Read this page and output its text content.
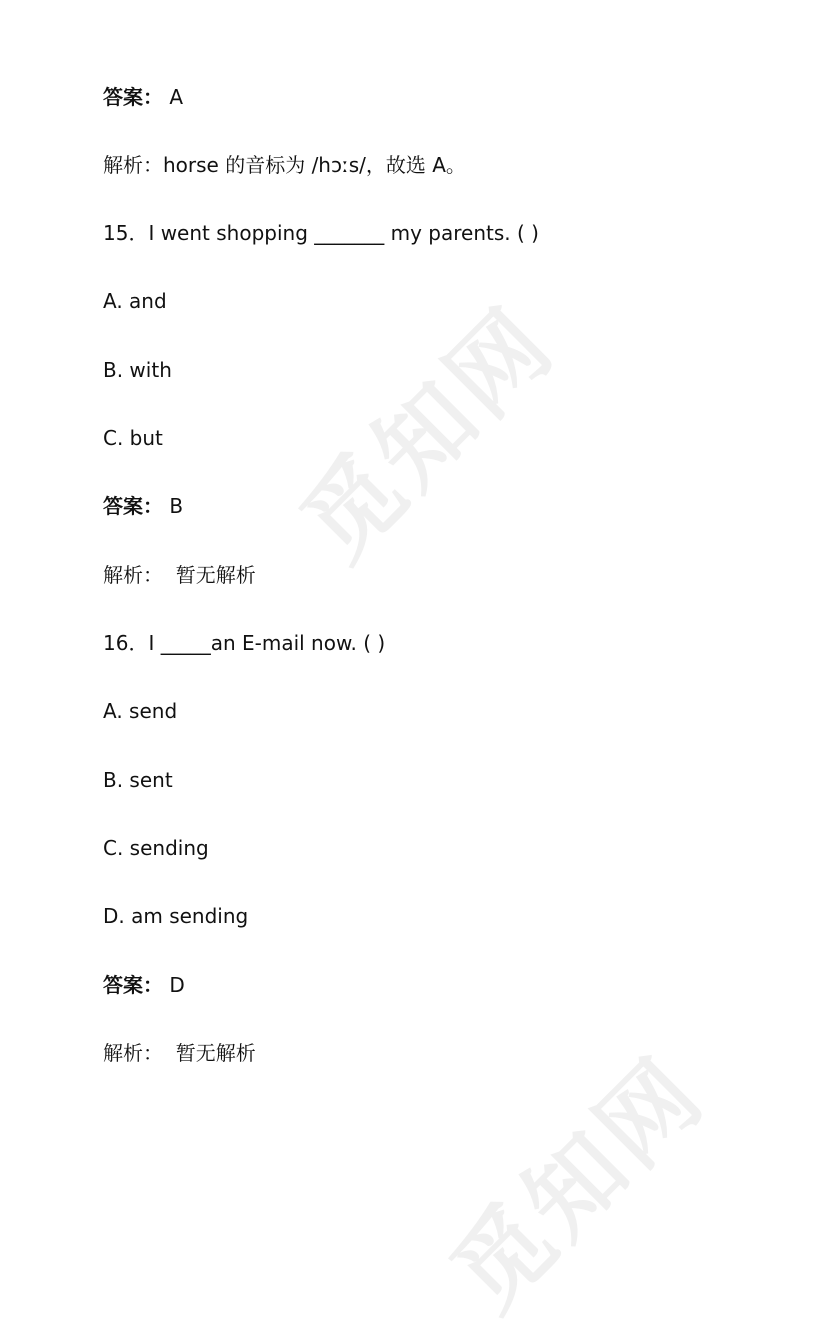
觅知网
觅知网
答案： A
解析：horse 的音标为 /hɔːs/，故选 A。
15．I went shopping _______ my parents. ( )
A. and
B. with
C. but
答案： B
解析：  暂无解析
16．I _____an E-mail now. ( )
A. send
B. sent
C. sending
D. am sending
答案： D
解析：  暂无解析
